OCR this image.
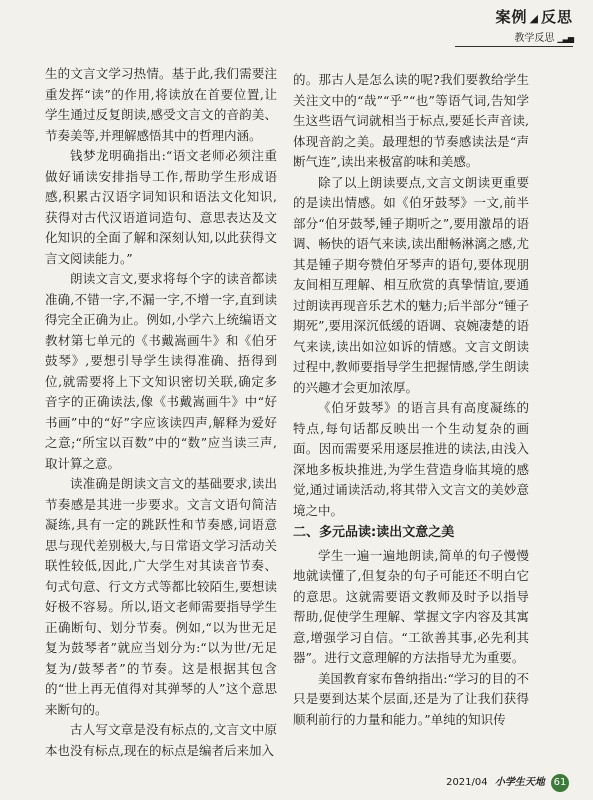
案例 ◢ 反思
教学反思 ▁▃▅

生的文言文学习热情。基于此,我们需要注重发挥“读”的作用,将读放在首要位置,让学生通过反复朗读,感受文言文的音韵美、节奏美等,并理解感悟其中的哲理内涵。

钱梦龙明确指出:“语文老师必须注重做好诵读安排指导工作,帮助学生形成语感,积累古汉语字词知识和语法文化知识,获得对古代汉语道词造句、意思表达及文化知识的全面了解和深刻认知,以此获得文言文阅读能力。”

朗读文言文,要求将每个字的读音都读准确,不错一字,不漏一字,不增一字,直到读得完全正确为止。例如,小学六上统编语文教材第七单元的《书戴嵩画牛》和《伯牙鼓琴》,要想引导学生读得准确、捂得到位,就需要将上下文知识密切关联,确定多音字的正确读法,像《书戴嵩画牛》中“好书画”中的“好”字应该读四声,解释为爱好之意;“所宝以百数”中的“数”应当读三声,取计算之意。

读准确是朗读文言文的基础要求,读出节奏感是其进一步要求。文言文语句简洁凝练,具有一定的跳跃性和节奏感,词语意思与现代差别极大,与日常语文学习活动关联性较低,因此,广大学生对其读音节奏、句式句意、行文方式等都比较陌生,要想读好极不容易。所以,语文老师需要指导学生正确断句、划分节奏。例如,“以为世无足复为鼓琴者”就应当划分为:“以为世/无足复为/鼓琴者”的节奏。这是根据其包含的“世上再无值得对其弹琴的人”这个意思来断句的。

古人写文章是没有标点的,文言文中原本也没有标点,现在的标点是编者后来加入

的。那古人是怎么读的呢?我们要教给学生关注文中的“哉”“乎”“也”等语气词,告知学生这些语气词就相当于标点,要延长声音读,体现音韵之美。最理想的节奏感读法是“声断气连”,读出来极富韵味和美感。

除了以上朗读要点,文言文朗读更重要的是读出情感。如《伯牙鼓琴》一文,前半部分“伯牙鼓琴,锺子期听之”,要用激昂的语调、畅快的语气来读,读出酣畅淋漓之感,尤其是锺子期夸赞伯牙琴声的语句,要体现朋友间相互理解、相互欣赏的真挚情谊,要通过朗读再现音乐艺术的魅力;后半部分“锺子期死”,要用深沉低缓的语调、哀婉凄楚的语气来读,读出如泣如诉的情感。文言文朗读过程中,教师要指导学生把握情感,学生朗读的兴趣才会更加浓厚。

《伯牙鼓琴》的语言具有高度凝练的特点,每句话都反映出一个生动复杂的画面。因而需要采用逐层推进的读法,由浅入深地多板块推进,为学生营造身临其境的感觉,通过诵读活动,将其带入文言文的美妙意境之中。

二、多元品读:读出文意之美

学生一遍一遍地朗读,简单的句子慢慢地就读懂了,但复杂的句子可能还不明白它的意思。这就需要语文教师及时予以指导帮助,促使学生理解、掌握文字内容及其寓意,增强学习自信。“工欲善其事,必先利其器”。进行文意理解的方法指导尤为重要。

美国教育家布鲁纳指出:“学习的目的不只是要到达某个层面,还是为了让我们获得顺利前行的力量和能力。”单纯的知识传

2021/04 小学生天地 61
